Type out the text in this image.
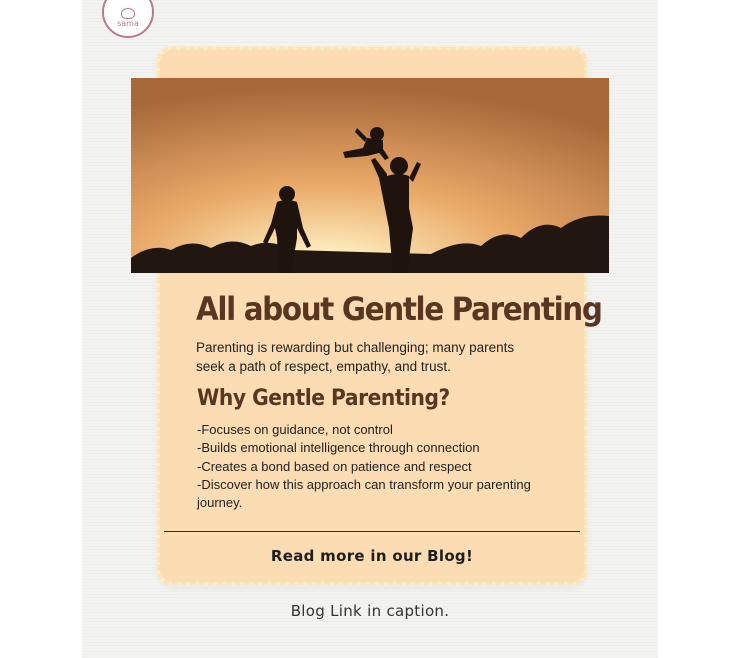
sama
All about Gentle Parenting

Parenting is rewarding but challenging; many parents seek a path of respect, empathy, and trust.

Why Gentle Parenting?
-Focuses on guidance, not control
-Builds emotional intelligence through connection
-Creates a bond based on patience and respect
-Discover how this approach can transform your parenting journey.
Read more in our Blog!
Blog Link in caption.
